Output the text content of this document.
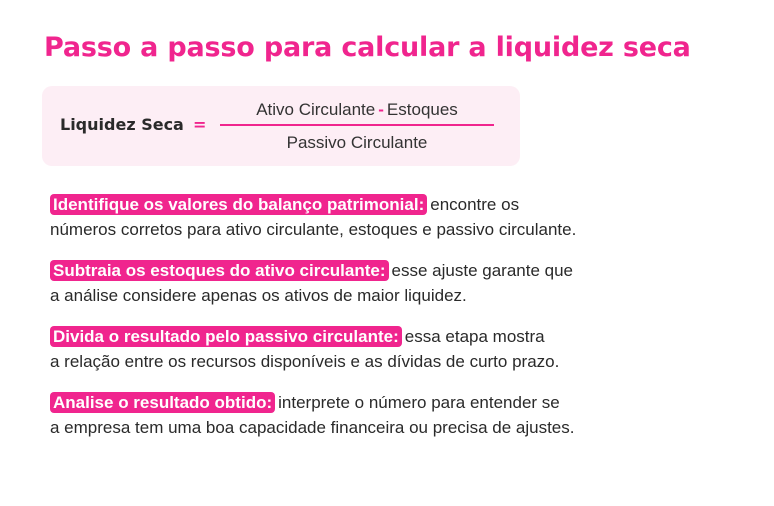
Passo a passo para calcular a liquidez seca
Liquidez Seca =
Ativo Circulante - Estoques
Passivo Circulante

Identifique os valores do balanço patrimonial: encontre os
números corretos para ativo circulante, estoques e passivo circulante.

Subtraia os estoques do ativo circulante: esse ajuste garante que
a análise considere apenas os ativos de maior liquidez.

Divida o resultado pelo passivo circulante: essa etapa mostra
a relação entre os recursos disponíveis e as dívidas de curto prazo.

Analise o resultado obtido: interprete o número para entender se
a empresa tem uma boa capacidade financeira ou precisa de ajustes.
